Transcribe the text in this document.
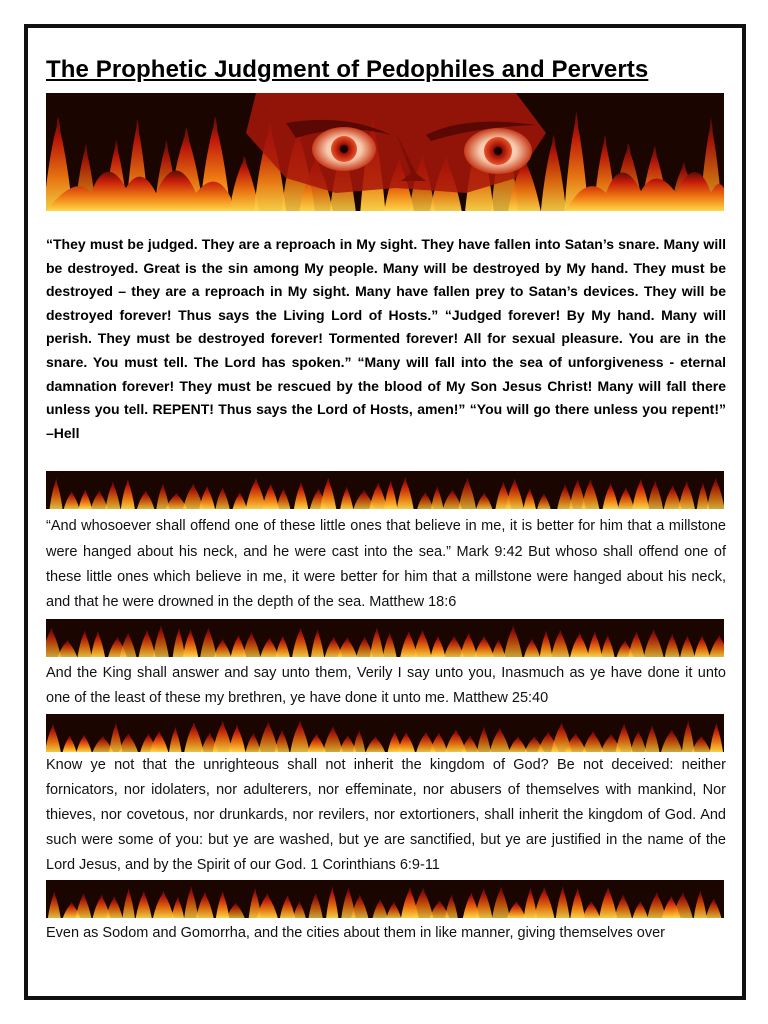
The Prophetic Judgment of Pedophiles and Perverts

“They must be judged. They are a reproach in My sight. They have fallen into Satan’s snare. Many will be destroyed. Great is the sin among My people. Many will be destroyed by My hand. They must be destroyed – they are a reproach in My sight. Many have fallen prey to Satan’s devices. They will be destroyed forever! Thus says the Living Lord of Hosts.” “Judged forever! By My hand. Many will perish. They must be destroyed forever! Tormented forever! All for sexual pleasure. You are in the snare. You must tell. The Lord has spoken.” “Many will fall into the sea of unforgiveness - eternal damnation forever! They must be rescued by the blood of My Son Jesus Christ! Many will fall there unless you tell. REPENT! Thus says the Lord of Hosts, amen!” “You will go there unless you repent!” –Hell

“And whosoever shall offend one of these little ones that believe in me, it is better for him that a millstone were hanged about his neck, and he were cast into the sea.” Mark 9:42 But whoso shall offend one of these little ones which believe in me, it were better for him that a millstone were hanged about his neck, and that he were drowned in the depth of the sea. Matthew 18:6

And the King shall answer and say unto them, Verily I say unto you, Inasmuch as ye have done it unto one of the least of these my brethren, ye have done it unto me. Matthew 25:40

Know ye not that the unrighteous shall not inherit the kingdom of God? Be not deceived: neither fornicators, nor idolaters, nor adulterers, nor effeminate, nor abusers of themselves with mankind, Nor thieves, nor covetous, nor drunkards, nor revilers, nor extortioners, shall inherit the kingdom of God. And such were some of you: but ye are washed, but ye are sanctified, but ye are justified in the name of the Lord Jesus, and by the Spirit of our God. 1 Corinthians 6:9-11

Even as Sodom and Gomorrha, and the cities about them in like manner, giving themselves over
